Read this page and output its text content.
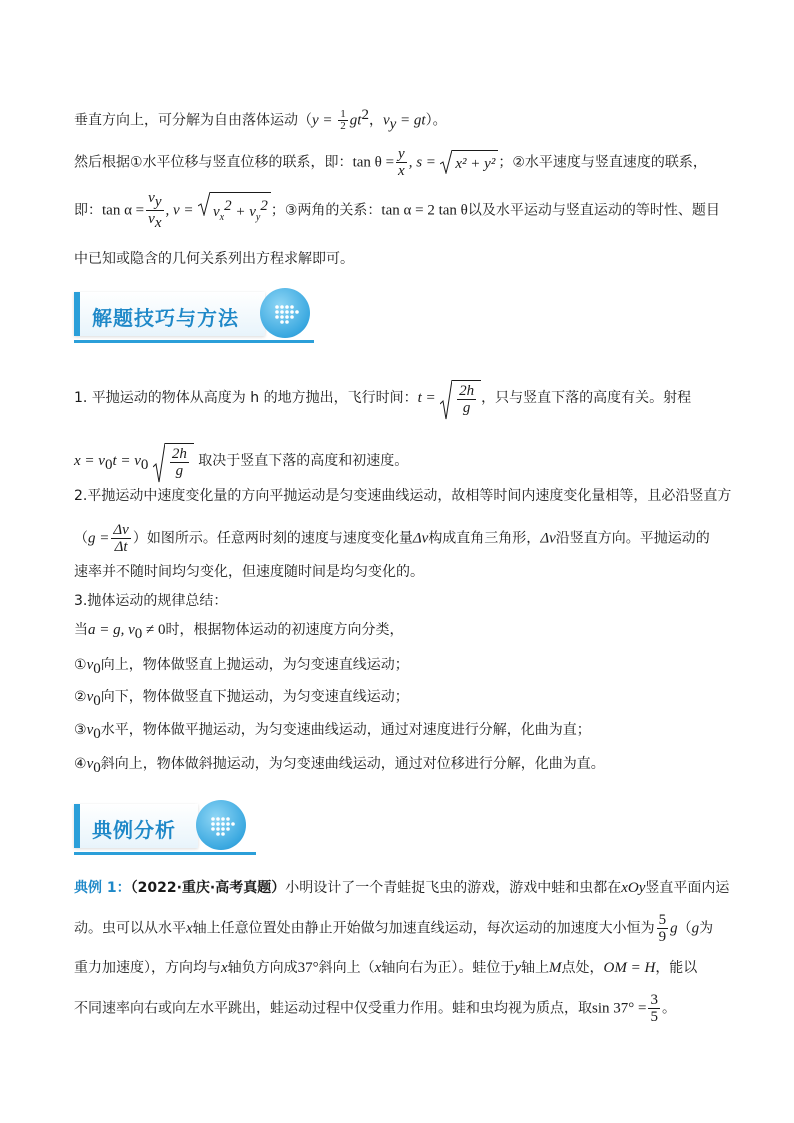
垂直方向上，可分解为自由落体运动（$y = \frac{1}{2} gt^2$，$v_y = gt$）。
然后根据①水平位移与竖直位移的联系，即：$\tan \theta = \frac{y}{x}$ , s = x² + y² ；②水平速度与竖直速度的联系，
即：$\tan \alpha = \frac{v_y}{v_x}$ , $v = v_x^2 + v_y^2$ ；③两角的关系：tan α = 2 tan θ以及水平运动与竖直运动的等时性、题目
中已知或隐含的几何关系列出方程求解即可。
解题技巧与方法
1. 平抛运动的物体从高度为 h 的地方抛出，飞行时间：$t = \frac{2h}{g}$ ，只与竖直下落的高度有关。射程
$x = v_0t = v_0 \frac{2h}{g}$ 取决于竖直下落的高度和初速度。
2.平抛运动中速度变化量的方向平抛运动是匀变速曲线运动，故相等时间内速度变化量相等，且必沿竖直方
（$g = \frac{\Delta v}{\Delta t}$ ）如图所示。任意两时刻的速度与速度变化量Δv构成直角三角形，Δv沿竖直方向。平抛运动的
速率并不随时间均匀变化，但速度随时间是均匀变化的。
3.抛体运动的规律总结：
当a = g, $v_0 \ne 0$时，根据物体运动的初速度方向分类，
$①v_0$向上，物体做竖直上抛运动，为匀变速直线运动；
$②v_0$向下，物体做竖直下抛运动，为匀变速直线运动；
$③v_0$水平，物体做平抛运动，为匀变速曲线运动，通过对速度进行分解，化曲为直；
$④v_0$斜向上，物体做斜抛运动，为匀变速曲线运动，通过对位移进行分解，化曲为直。
典例分析
典例 1：（2022·重庆·高考真题）小明设计了一个青蛙捉飞虫的游戏，游戏中蛙和虫都在xOy竖直平面内运
动。虫可以从水平x轴上任意位置处由静止开始做匀加速直线运动，每次运动的加速度大小恒为 $\frac{5}{9} g(g$为
重力加速度），方向均与x轴负方向成37°斜向上（x轴向右为正）。蛙位于y轴上M点处，OM = H，能以
不同速率向右或向左水平跳出，蛙运动过程中仅受重力作用。蛙和虫均视为质点，取$\sin 37^\circ = \frac{3}{5}$ 。
